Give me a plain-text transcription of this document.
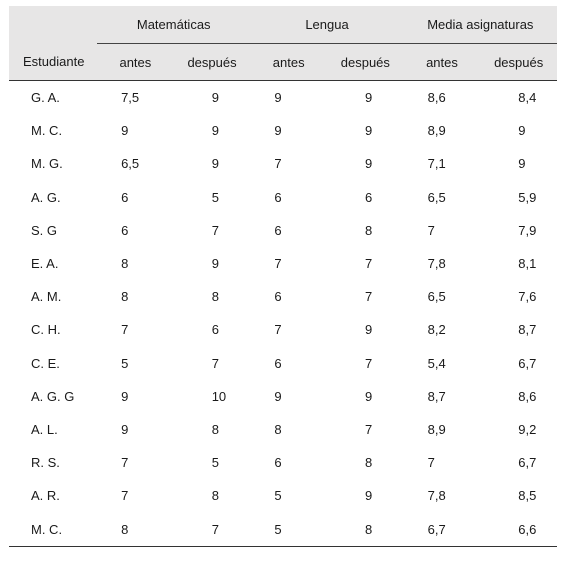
	Matemáticas		Lengua		Media asignaturas	
Estudiante	antes	después	antes	después	antes	después
G. A.	7,5	9	9	9	8,6	8,4
M. C.	9	9	9	9	8,9	9
M. G.	6,5	9	7	9	7,1	9
A. G.	6	5	6	6	6,5	5,9
S. G	6	7	6	8	7	7,9
E. A.	8	9	7	7	7,8	8,1
A. M.	8	8	6	7	6,5	7,6
C. H.	7	6	7	9	8,2	8,7
C. E.	5	7	6	7	5,4	6,7
A. G. G	9	10	9	9	8,7	8,6
A. L.	9	8	8	7	8,9	9,2
R. S.	7	5	6	8	7	6,7
A. R.	7	8	5	9	7,8	8,5
M. C.	8	7	5	8	6,7	6,6
